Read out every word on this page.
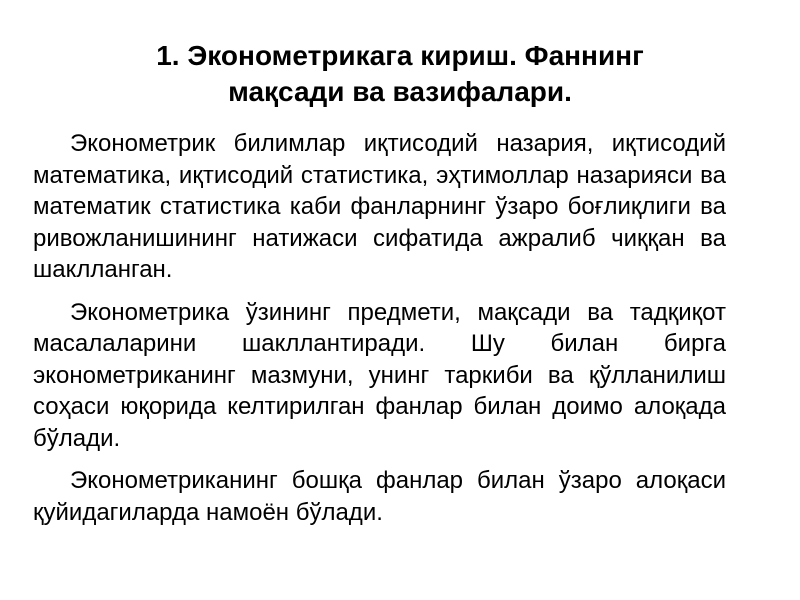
1. Эконометрикага кириш. Фаннинг
мақсади ва вазифалари.

Эконометрик билимлар иқтисодий назария, иқтисодий математика, иқтисодий статистика, эҳтимоллар назарияси ва математик статистика каби фанларнинг ўзаро боғлиқлиги ва ривожланишининг натижаси сифатида ажралиб чиққан ва шаклланган.

Эконометрика ўзининг предмети, мақсади ва тадқиқот масалаларини шакллантиради. Шу билан бирга эконометриканинг мазмуни, унинг таркиби ва қўлланилиш соҳаси юқорида келтирилган фанлар билан доимо алоқада бўлади.

Эконометриканинг бошқа фанлар билан ўзаро алоқаси қуйидагиларда намоён бўлади.
